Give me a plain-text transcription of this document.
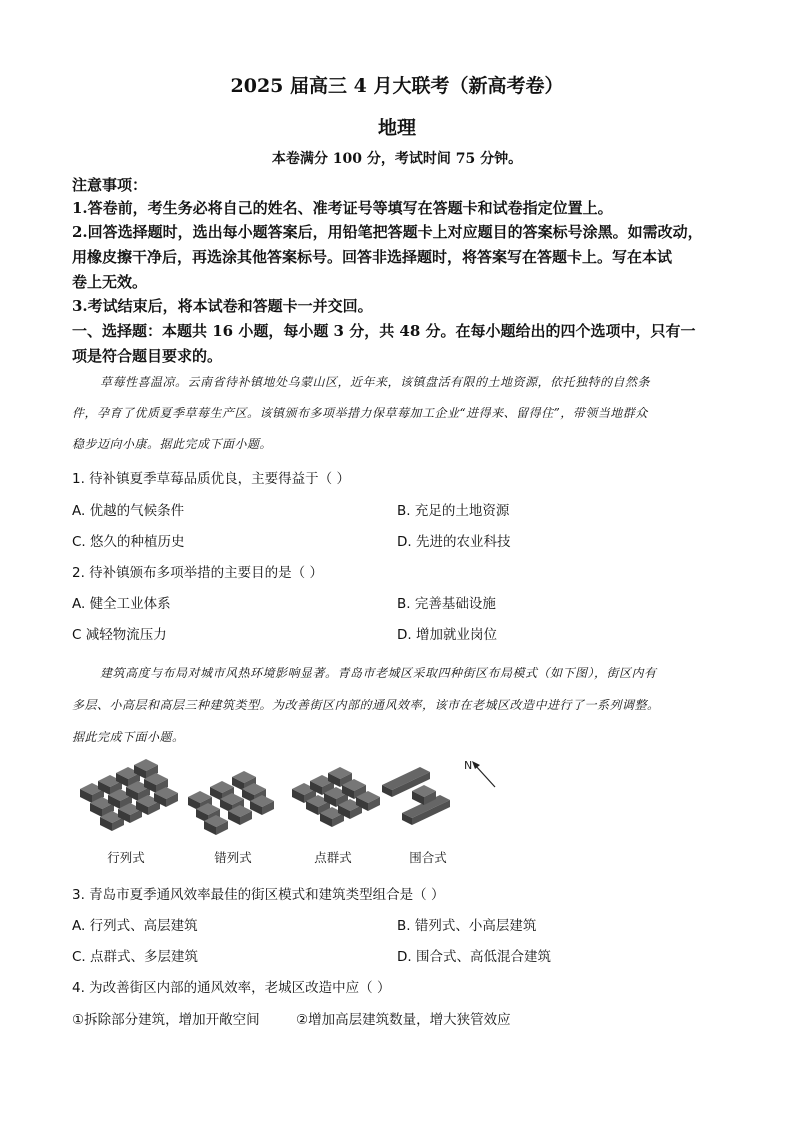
2025 届高三 4 月大联考（新高考卷）
地理
本卷满分 100 分，考试时间 75 分钟。
注意事项：
1.答卷前，考生务必将自己的姓名、准考证号等填写在答题卡和试卷指定位置上。
2.回答选择题时，选出每小题答案后，用铅笔把答题卡上对应题目的答案标号涂黑。如需改动，
用橡皮擦干净后，再选涂其他答案标号。回答非选择题时，将答案写在答题卡上。写在本试
卷上无效。
3.考试结束后，将本试卷和答题卡一并交回。
一、选择题：本题共 16 小题，每小题 3 分，共 48 分。在每小题给出的四个选项中，只有一
项是符合题目要求的。
草莓性喜温凉。云南省待补镇地处乌蒙山区，近年来，该镇盘活有限的土地资源，依托独特的自然条
件，孕育了优质夏季草莓生产区。该镇颁布多项举措力保草莓加工企业“进得来、留得住”，带领当地群众
稳步迈向小康。据此完成下面小题。
1. 待补镇夏季草莓品质优良，主要得益于（ ）
A. 优越的气候条件	B. 充足的土地资源
C. 悠久的种植历史	D. 先进的农业科技
2. 待补镇颁布多项举措的主要目的是（ ）
A. 健全工业体系	B. 完善基础设施
C 减轻物流压力	D. 增加就业岗位
建筑高度与布局对城市风热环境影响显著。青岛市老城区采取四种街区布局模式（如下图），街区内有
多层、小高层和高层三种建筑类型。为改善街区内部的通风效率，该市在老城区改造中进行了一系列调整。
据此完成下面小题。
N
行列式	错列式	点群式	围合式
3. 青岛市夏季通风效率最佳的街区模式和建筑类型组合是（ ）
A. 行列式、高层建筑	B. 错列式、小高层建筑
C. 点群式、多层建筑	D. 围合式、高低混合建筑
4. 为改善街区内部的通风效率，老城区改造中应（ ）
①拆除部分建筑，增加开敞空间	②增加高层建筑数量，增大狭管效应
